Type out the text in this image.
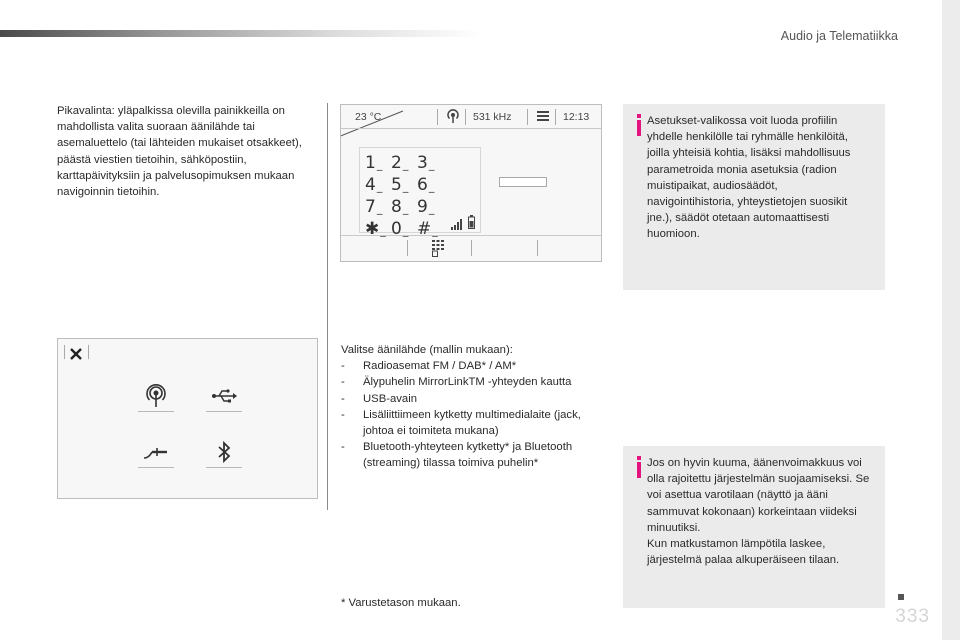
Audio ja Telematiikka
Pikavalinta: yläpalkissa olevilla painikkeilla on mahdollista valita suoraan äänilähde tai asemaluettelo (tai lähteiden mukaiset otsakkeet), päästä viestien tietoihin, sähköpostiin, karttapäivityksiin ja palvelusopimuksen mukaan navigoinnin tietoihin.
23 °C	531 kHz	12:13
1 _ 2 _ 3 _
4 _ 5 _ 6 _
7 _ 8 _ 9 _
✱ _ 0 _ # _
Valitse äänilähde (mallin mukaan):
-	Radioasemat FM / DAB* / AM*
-	Älypuhelin MirrorLinkTM -yhteyden kautta
-	USB-avain
-	Lisäliittiimeen kytketty multimedialaite (jack, johtoa ei toimiteta mukana)
-	Bluetooth-yhteyteen kytketty* ja Bluetooth (streaming) tilassa toimiva puhelin*
Asetukset-valikossa voit luoda profiilin yhdelle henkilölle tai ryhmälle henkilöitä, joilla yhteisiä kohtia, lisäksi mahdollisuus parametroida monia asetuksia (radion muistipaikat, audiosäädöt, navigointihistoria, yhteystietojen suosikit jne.), säädöt otetaan automaattisesti huomioon.
Jos on hyvin kuuma, äänenvoimakkuus voi olla rajoitettu järjestelmän suojaamiseksi. Se voi asettua varotilaan (näyttö ja ääni sammuvat kokonaan) korkeintaan viideksi minuutiksi.
Kun matkustamon lämpötila laskee, järjestelmä palaa alkuperäiseen tilaan.
* Varustetason mukaan.
333
